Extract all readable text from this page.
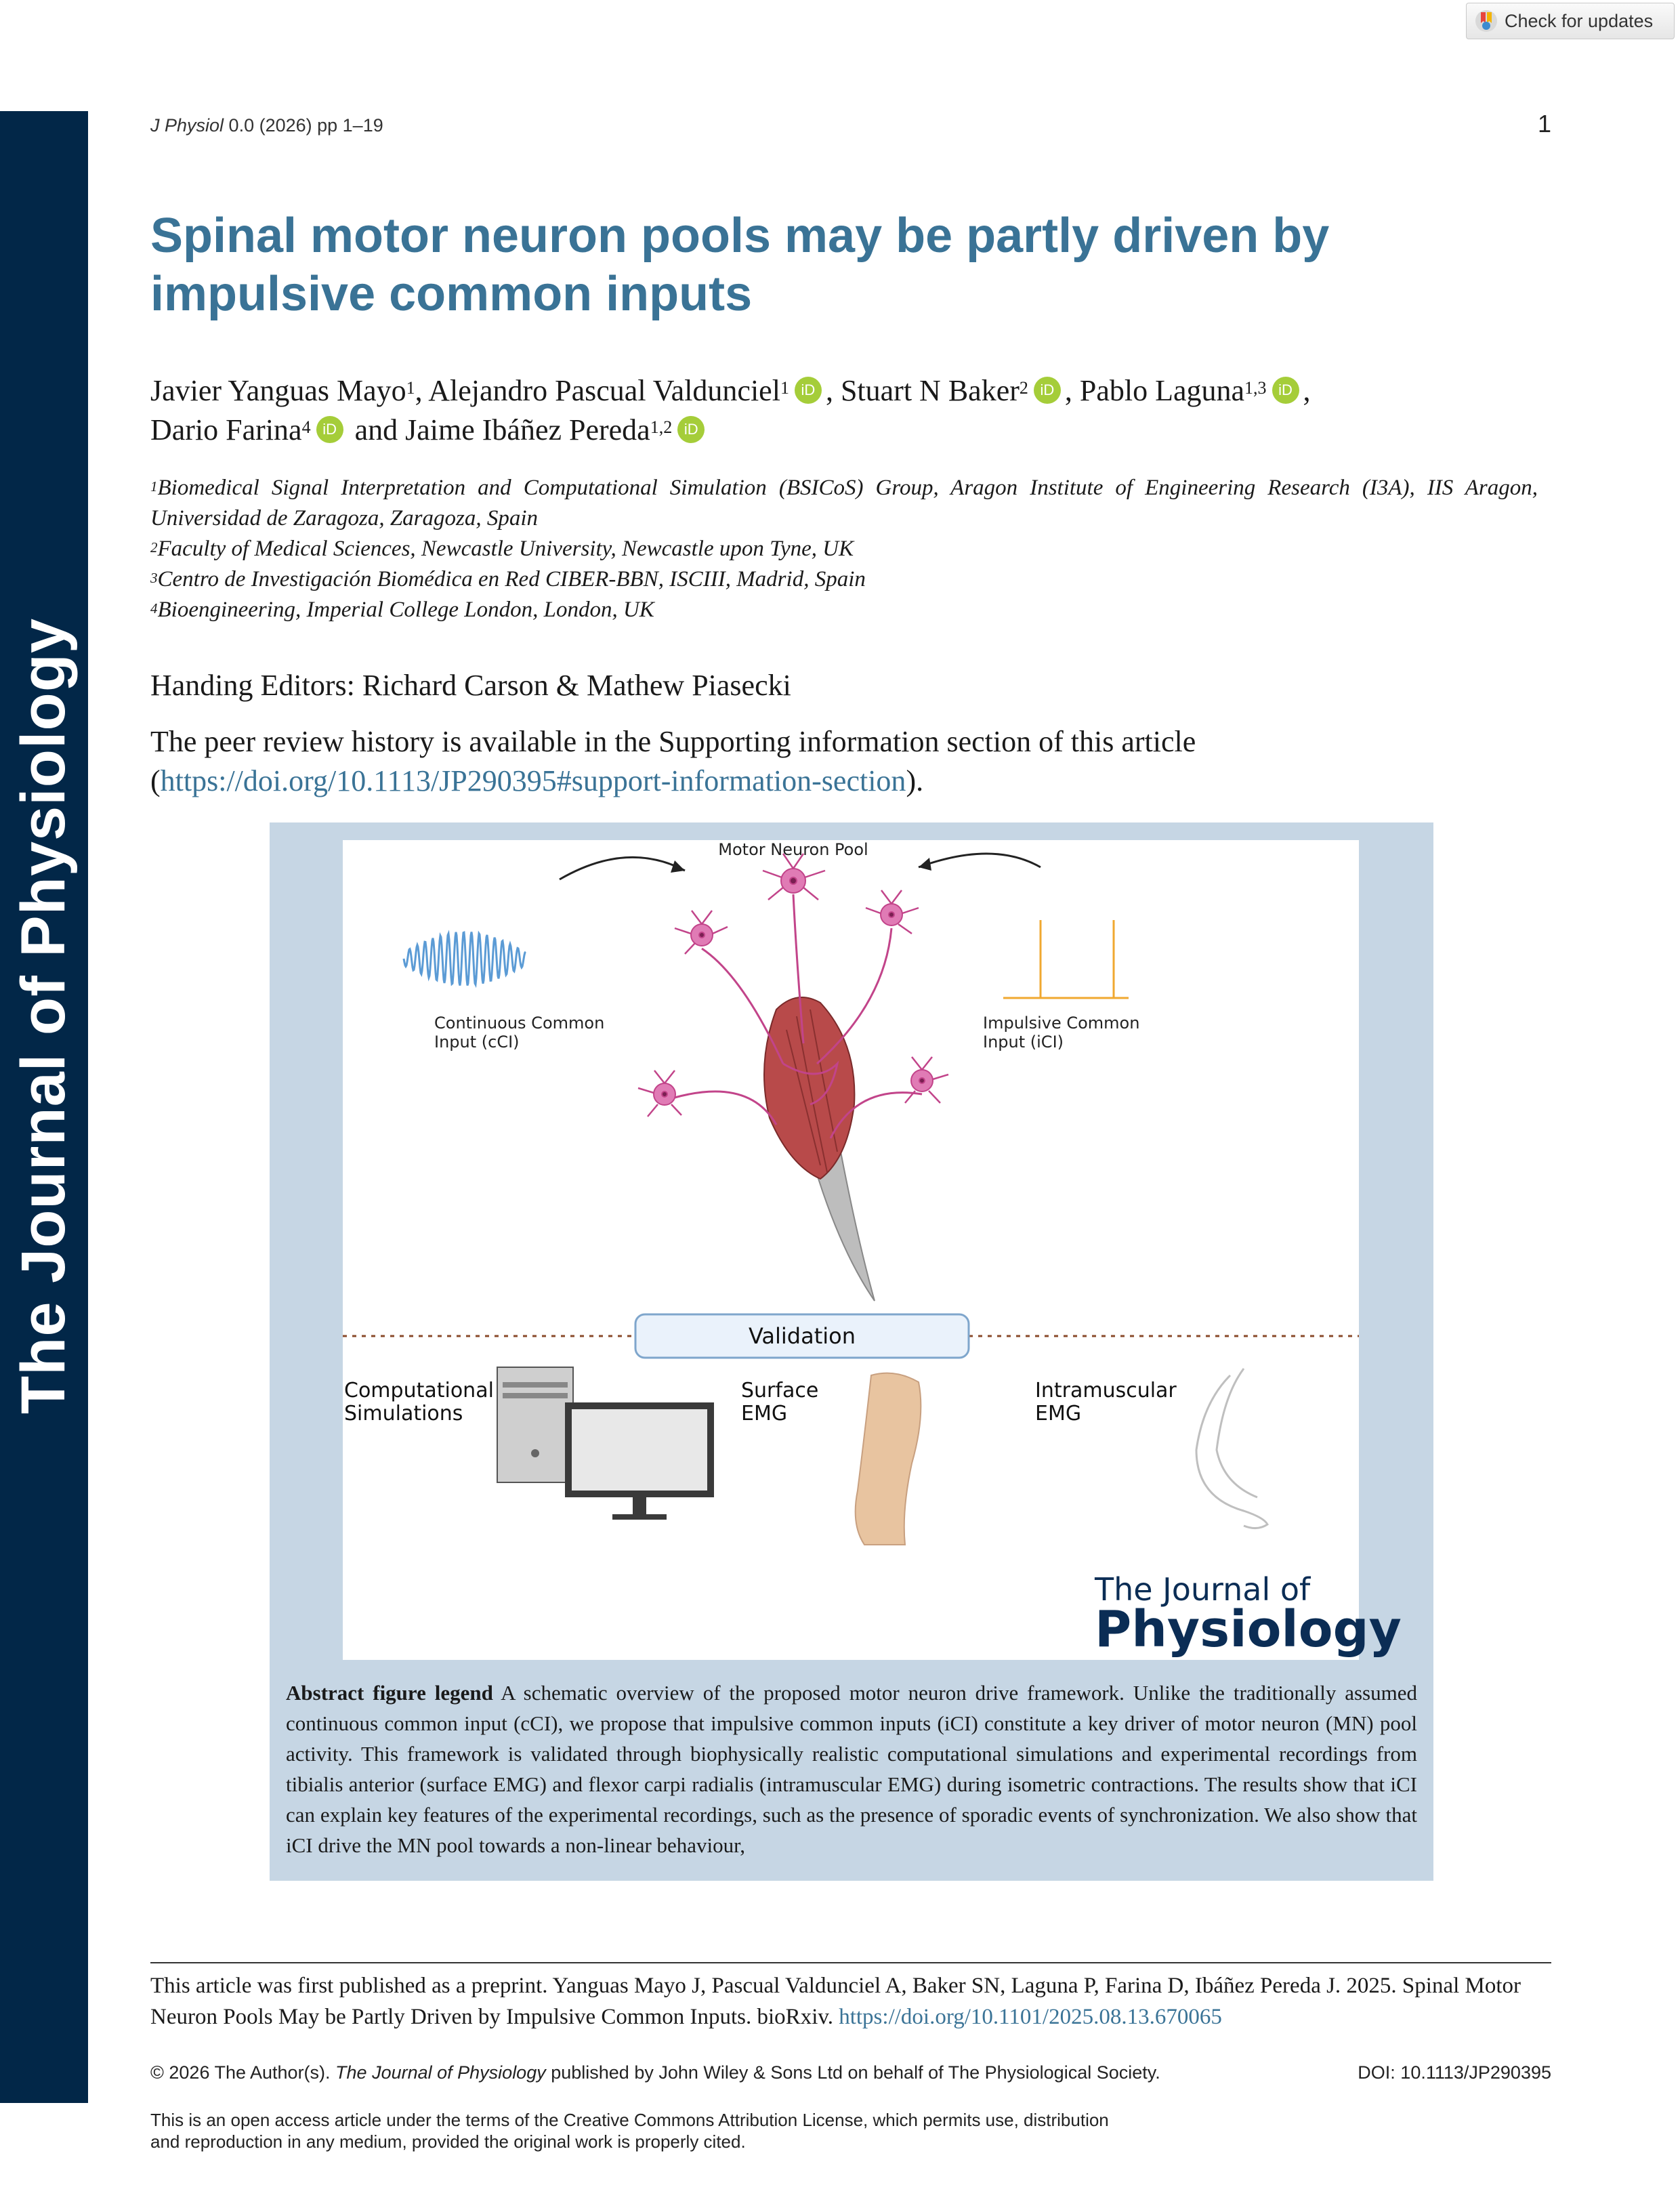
The Journal of Physiology
Check for updates
J Physiol 0.0 (2026) pp 1–19	1
Spinal motor neuron pools may be partly driven by impulsive common inputs
Javier Yanguas Mayo$^1$, Alejandro Pascual Valdunciel$^1$ iD , Stuart N Baker$^2$ iD , Pablo Laguna$^{1,3}$ iD ,
Dario Farina$^4$ iD and Jaime Ibáñez Pereda$^{1,2}$ iD
$^1$Biomedical Signal Interpretation and Computational Simulation (BSICoS) Group, Aragon Institute of Engineering Research (I3A), IIS Aragon, Universidad de Zaragoza, Zaragoza, Spain
$^2$Faculty of Medical Sciences, Newcastle University, Newcastle upon Tyne, UK
$^3$Centro de Investigación Biomédica en Red CIBER-BBN, ISCIII, Madrid, Spain
$^4$Bioengineering, Imperial College London, London, UK
Handing Editors: Richard Carson & Mathew Piasecki
The peer review history is available in the Supporting information section of this article
(https://doi.org/10.1113/JP290395#support-information-section).
Motor Neuron Pool
Continuous Common
Input (cCI)
Impulsive Common
Input (iCI)
Validation
Computational
Simulations
Surface
EMG
Intramuscular
EMG
The Journal of
Physiology
Abstract figure legend A schematic overview of the proposed motor neuron drive framework. Unlike the traditionally assumed continuous common input (cCI), we propose that impulsive common inputs (iCI) constitute a key driver of motor neuron (MN) pool activity. This framework is validated through biophysically realistic computational simulations and experimental recordings from tibialis anterior (surface EMG) and flexor carpi radialis (intramuscular EMG) during isometric contractions. The results show that iCI can explain key features of the experimental recordings, such as the presence of sporadic events of synchronization. We also show that iCI drive the MN pool towards a non-linear behaviour,
This article was first published as a preprint. Yanguas Mayo J, Pascual Valdunciel A, Baker SN, Laguna P, Farina D, Ibáñez Pereda J. 2025. Spinal Motor Neuron Pools May be Partly Driven by Impulsive Common Inputs. bioRxiv. https://doi.org/10.1101/2025.08.13.670065
© 2026 The Author(s). The Journal of Physiology published by John Wiley & Sons Ltd on behalf of The Physiological Society.	DOI: 10.1113/JP290395
This is an open access article under the terms of the Creative Commons Attribution License, which permits use, distribution
and reproduction in any medium, provided the original work is properly cited.
